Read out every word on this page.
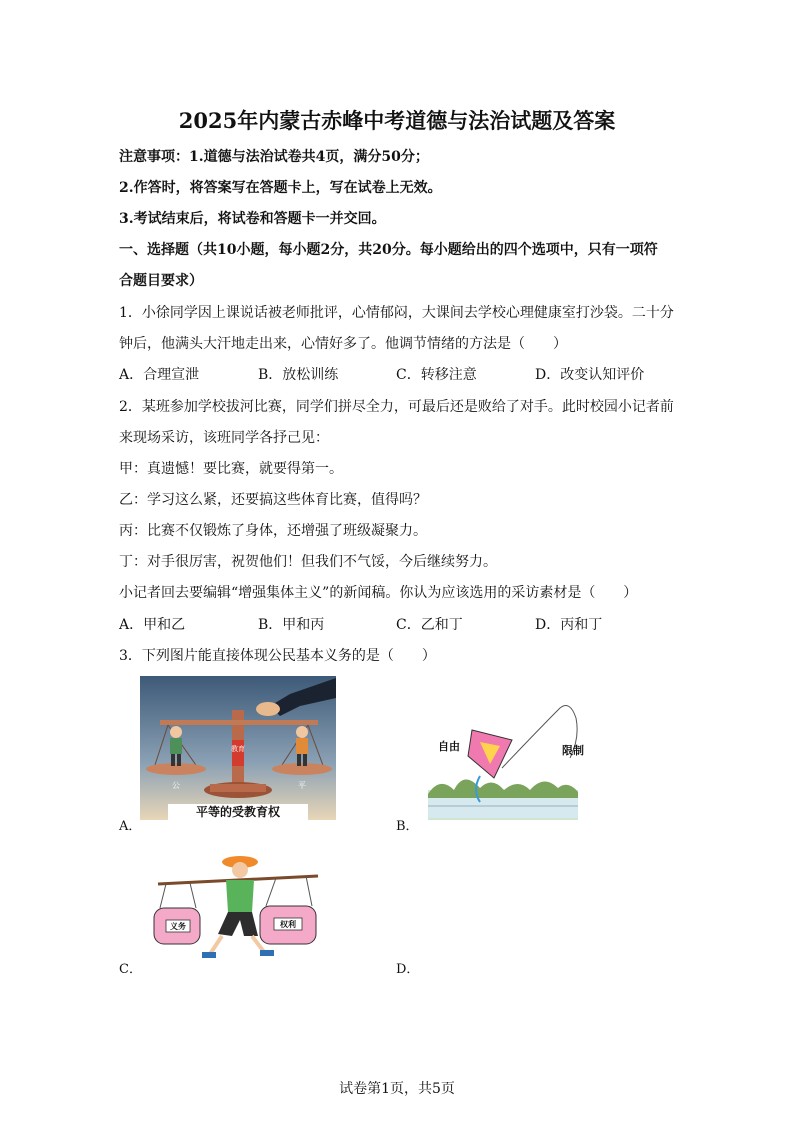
2025年内蒙古赤峰中考道德与法治试题及答案
注意事项：1.道德与法治试卷共4页，满分50分；
2.作答时，将答案写在答题卡上，写在试卷上无效。
3.考试结束后，将试卷和答题卡一并交回。
一、选择题（共10小题，每小题2分，共20分。每小题给出的四个选项中，只有一项符
合题目要求）
1．小徐同学因上课说话被老师批评，心情郁闷，大课间去学校心理健康室打沙袋。二十分
钟后，他满头大汗地走出来，心情好多了。他调节情绪的方法是（　　）
A．合理宣泄	B．放松训练	C．转移注意	D．改变认知评价
2．某班参加学校拔河比赛，同学们拼尽全力，可最后还是败给了对手。此时校园小记者前
来现场采访，该班同学各抒己见：
甲：真遗憾！要比赛，就要得第一。
乙：学习这么紧，还要搞这些体育比赛，值得吗？
丙：比赛不仅锻炼了身体，还增强了班级凝聚力。
丁：对手很厉害，祝贺他们！但我们不气馁，今后继续努力。
小记者回去要编辑“增强集体主义”的新闻稿。你认为应该选用的采访素材是（　　）
A．甲和乙	B．甲和丙	C．乙和丁	D．丙和丁
3．下列图片能直接体现公民基本义务的是（　　）
教育
公	平
平等的受教育权
A．
自由	限制
B．
义务	权利
C．	D．
试卷第1页，共5页
